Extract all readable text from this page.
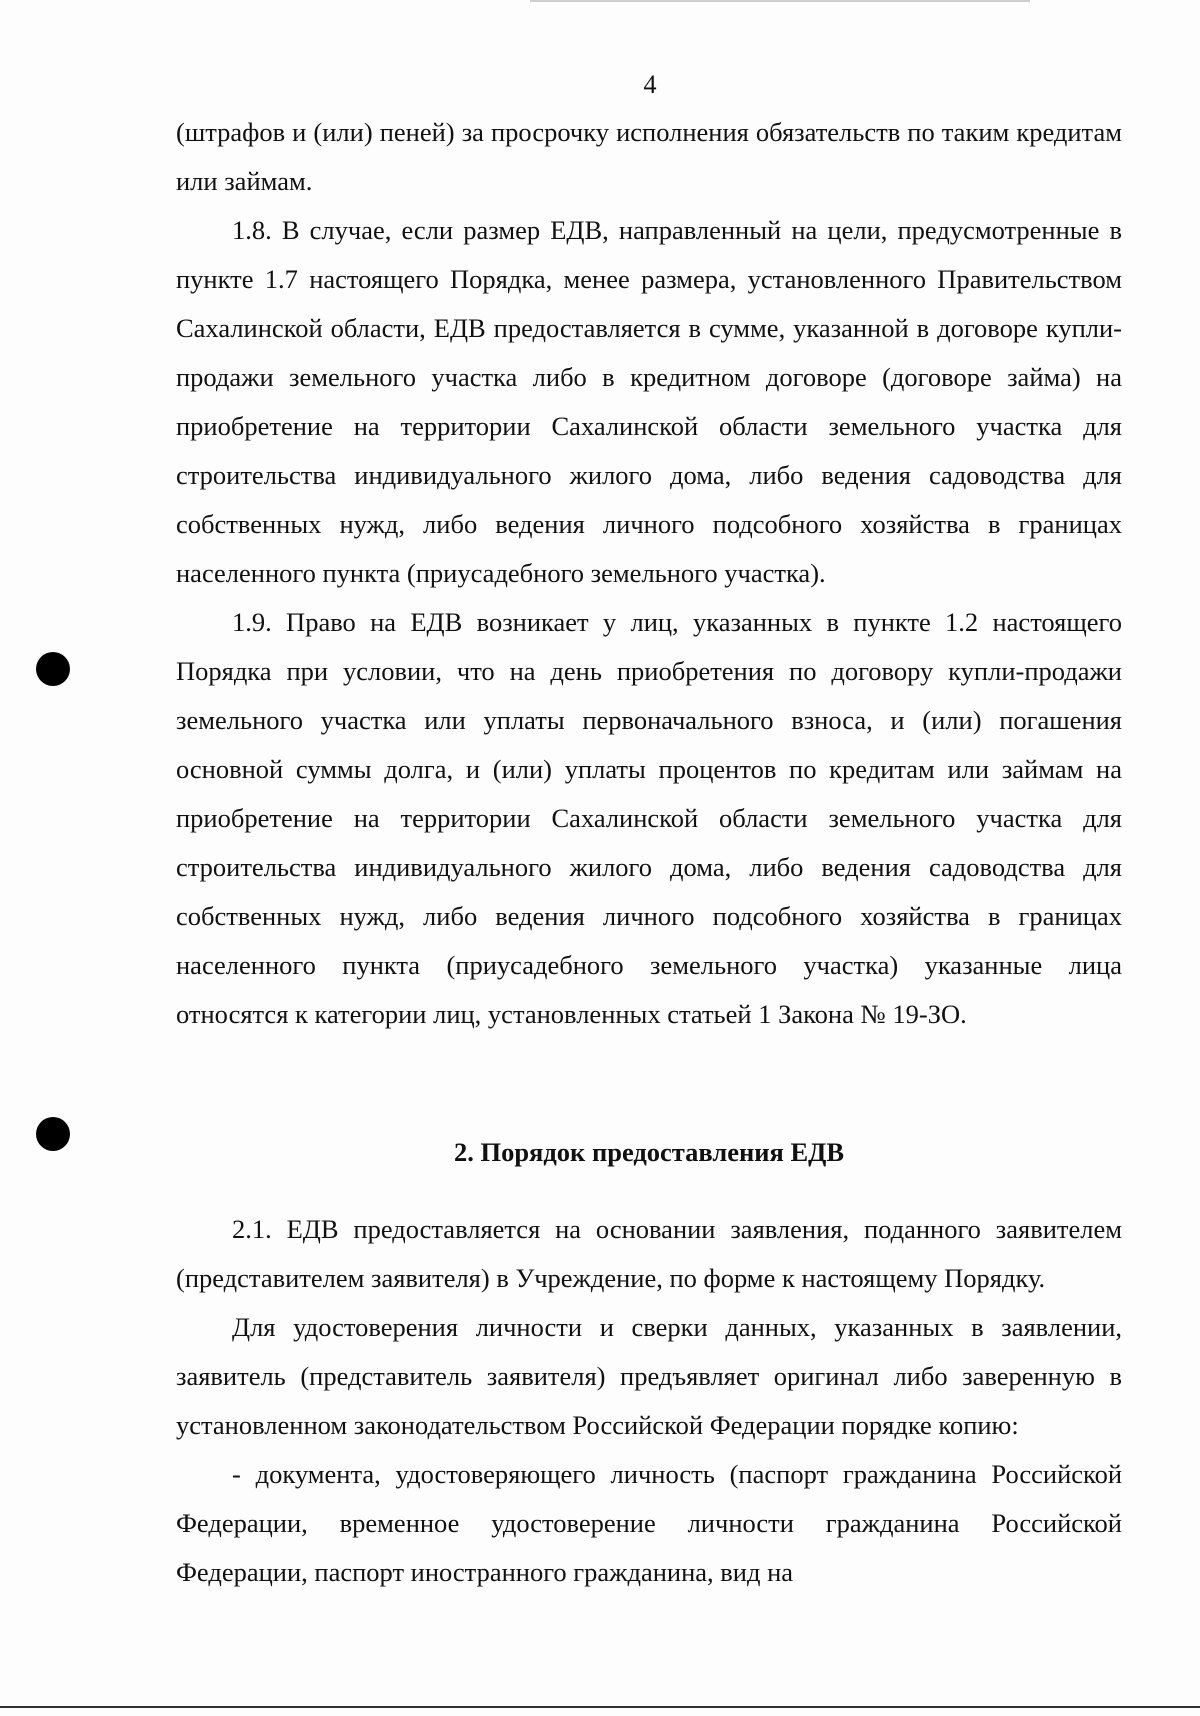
4

(штрафов и (или) пеней) за просрочку исполнения обязательств по таким кредитам или займам.

1.8. В случае, если размер ЕДВ, направленный на цели, предусмотренные в пункте 1.7 настоящего Порядка, менее размера, установленного Правительством Сахалинской области, ЕДВ предоставляется в сумме, указанной в договоре купли-продажи земельного участка либо в кредитном договоре (договоре займа) на приобретение на территории Сахалинской области земельного участка для строительства индивидуального жилого дома, либо ведения садоводства для собственных нужд, либо ведения личного подсобного хозяйства в границах населенного пункта (приусадебного земельного участка).

1.9. Право на ЕДВ возникает у лиц, указанных в пункте 1.2 настоящего Порядка при условии, что на день приобретения по договору купли-продажи земельного участка или уплаты первоначального взноса, и (или) погашения основной суммы долга, и (или) уплаты процентов по кредитам или займам на приобретение на территории Сахалинской области земельного участка для строительства индивидуального жилого дома, либо ведения садоводства для собственных нужд, либо ведения личного подсобного хозяйства в границах населенного пункта (приусадебного земельного участка) указанные лица относятся к категории лиц, установленных статьей 1 Закона № 19-ЗО.

2. Порядок предоставления ЕДВ

2.1. ЕДВ предоставляется на основании заявления, поданного заявителем (представителем заявителя) в Учреждение, по форме к настоящему Порядку.

Для удостоверения личности и сверки данных, указанных в заявлении, заявитель (представитель заявителя) предъявляет оригинал либо заверенную в установленном законодательством Российской Федерации порядке копию:

- документа, удостоверяющего личность (паспорт гражданина Российской Федерации, временное удостоверение личности гражданина Российской Федерации, паспорт иностранного гражданина, вид на
